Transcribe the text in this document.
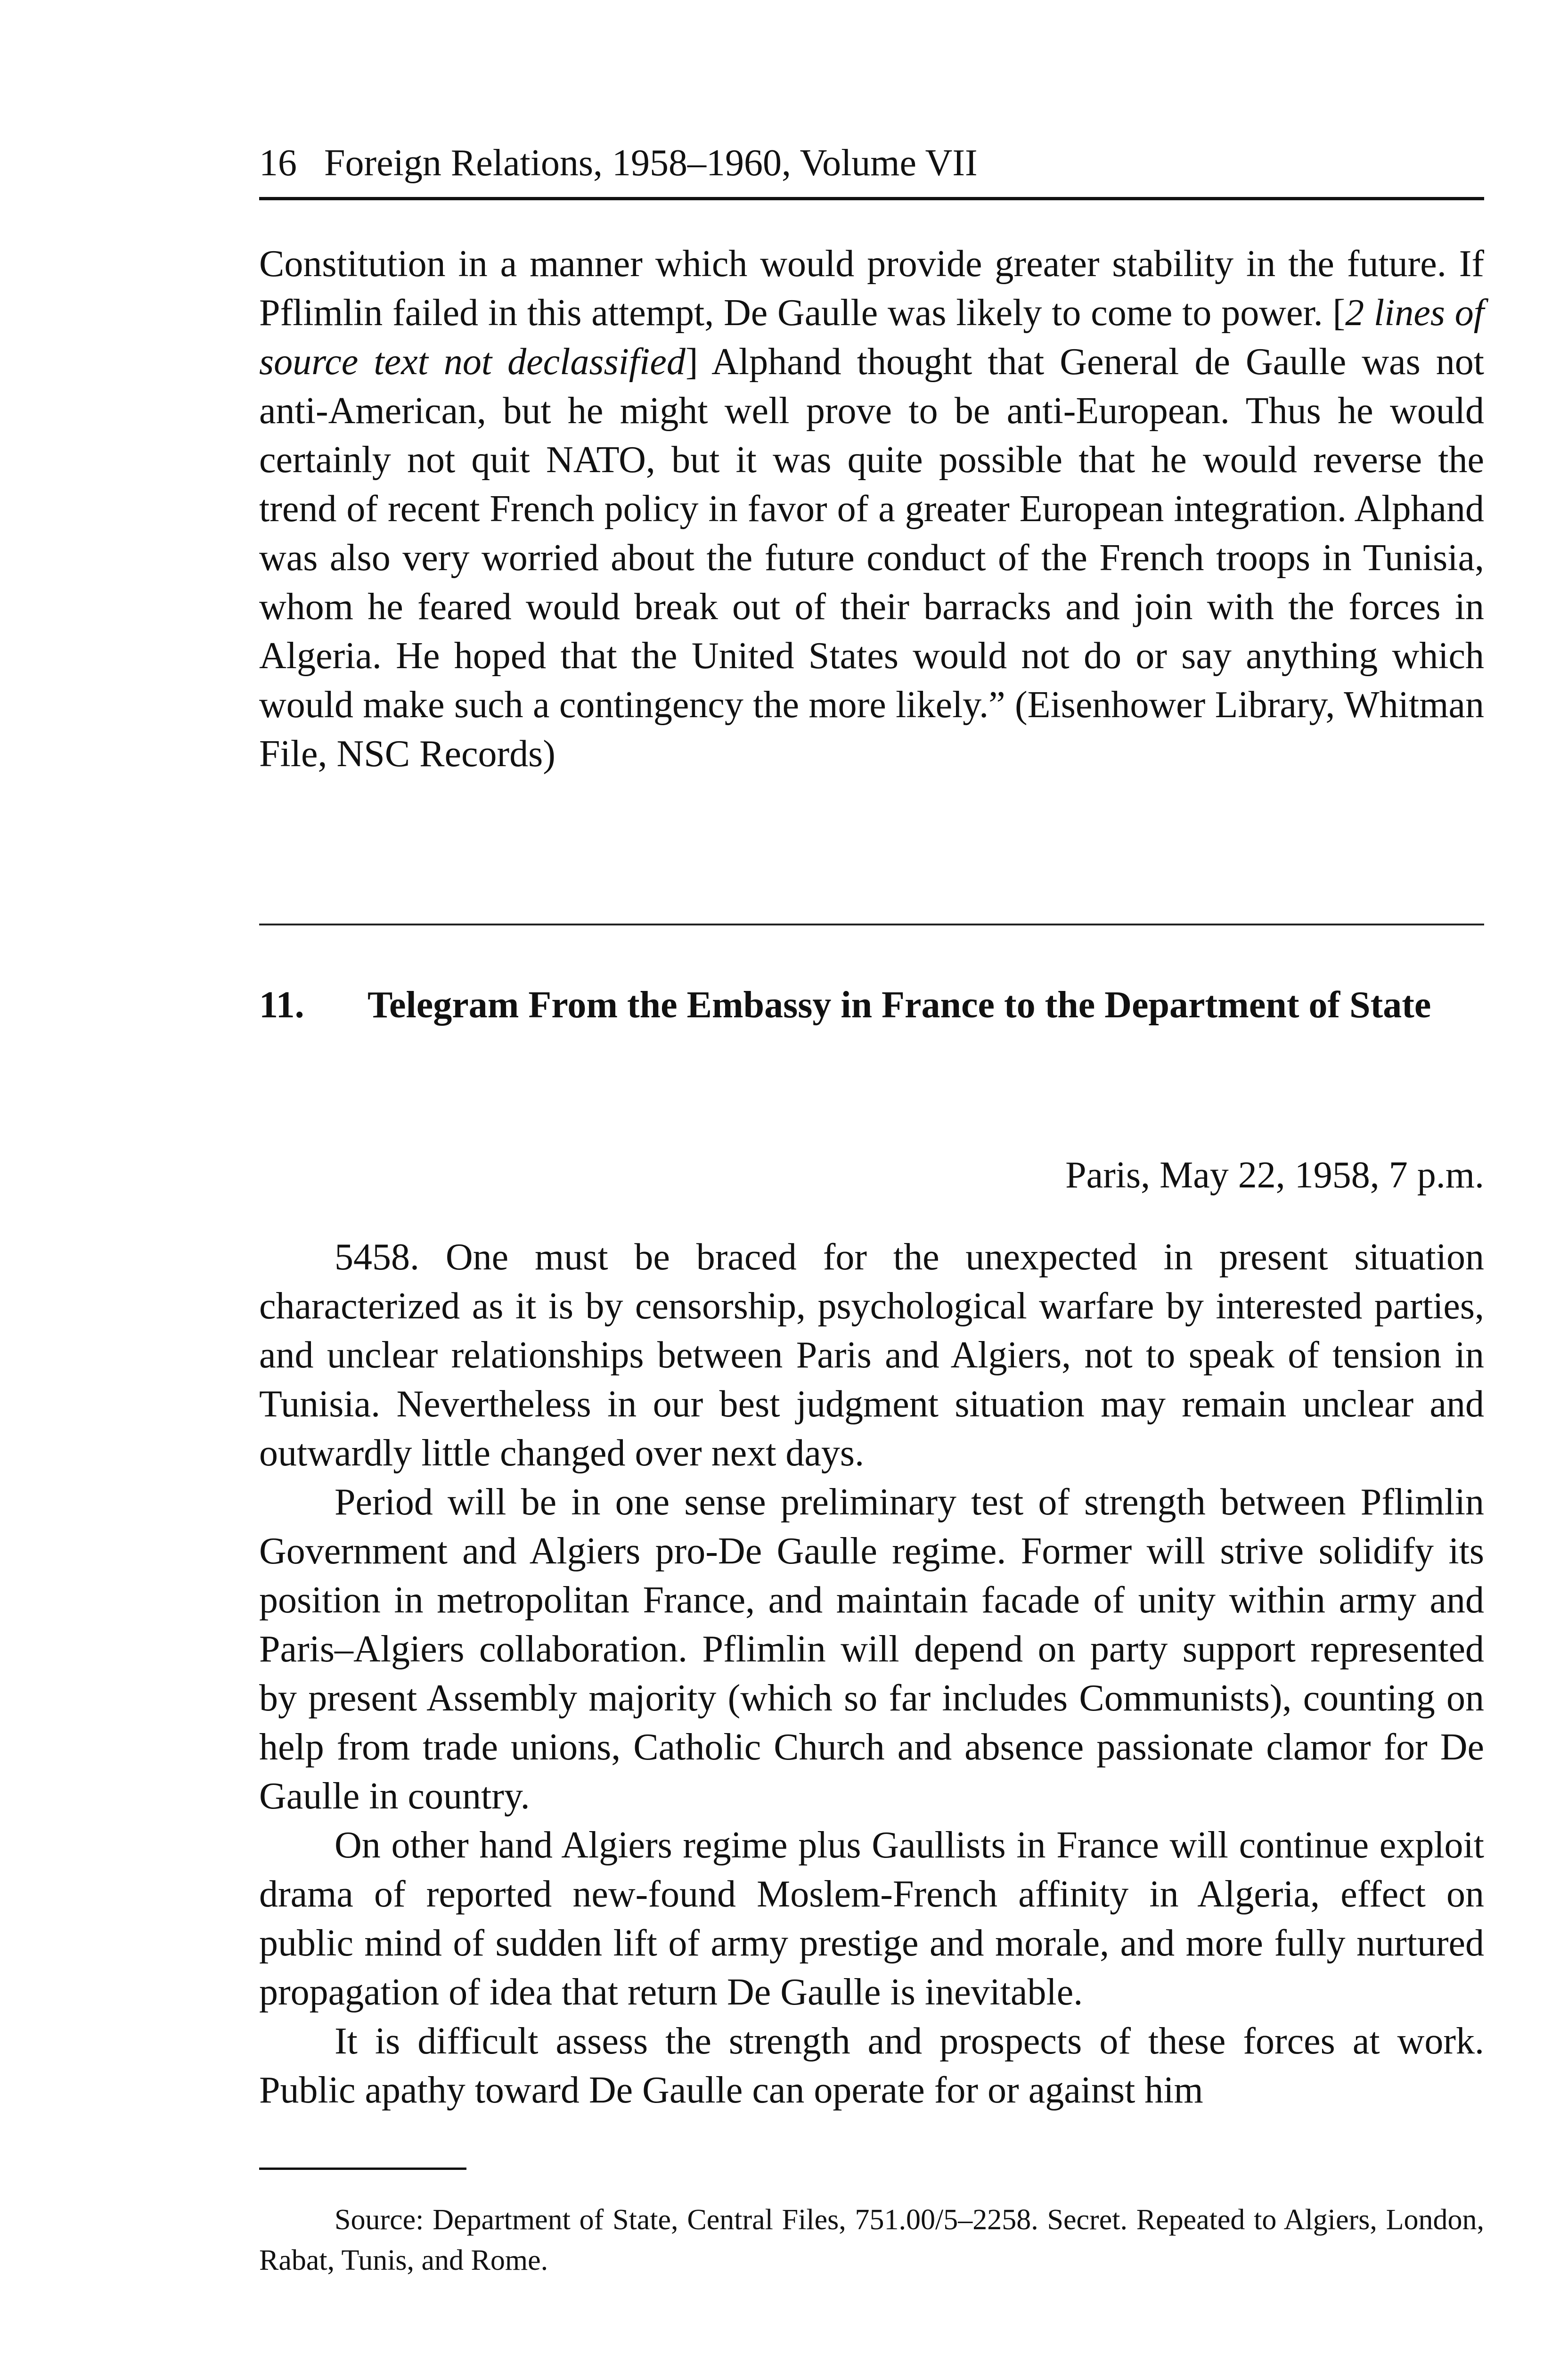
16 Foreign Relations, 1958–1960, Volume VII

Constitution in a manner which would provide greater stability in the future. If Pflimlin failed in this attempt, De Gaulle was likely to come to power. [2 lines of source text not declassified] Alphand thought that General de Gaulle was not anti-American, but he might well prove to be anti-European. Thus he would certainly not quit NATO, but it was quite possible that he would reverse the trend of recent French policy in favor of a greater European integration. Alphand was also very worried about the future conduct of the French troops in Tunisia, whom he feared would break out of their barracks and join with the forces in Algeria. He hoped that the United States would not do or say anything which would make such a contingency the more likely.” (Eisenhower Library, Whitman File, NSC Records)

11. Telegram From the Embassy in France to the Department of State
Paris, May 22, 1958, 7 p.m.

5458. One must be braced for the unexpected in present situation characterized as it is by censorship, psychological warfare by interested parties, and unclear relationships between Paris and Algiers, not to speak of tension in Tunisia. Nevertheless in our best judgment situation may remain unclear and outwardly little changed over next days.

Period will be in one sense preliminary test of strength between Pflimlin Government and Algiers pro-De Gaulle regime. Former will strive solidify its position in metropolitan France, and maintain facade of unity within army and Paris–Algiers collaboration. Pflimlin will depend on party support represented by present Assembly majority (which so far includes Communists), counting on help from trade unions, Catholic Church and absence passionate clamor for De Gaulle in country.

On other hand Algiers regime plus Gaullists in France will continue exploit drama of reported new-found Moslem-French affinity in Algeria, effect on public mind of sudden lift of army prestige and morale, and more fully nurtured propagation of idea that return De Gaulle is inevitable.

It is difficult assess the strength and prospects of these forces at work. Public apathy toward De Gaulle can operate for or against him

Source: Department of State, Central Files, 751.00/5–2258. Secret. Repeated to Algiers, London, Rabat, Tunis, and Rome.
